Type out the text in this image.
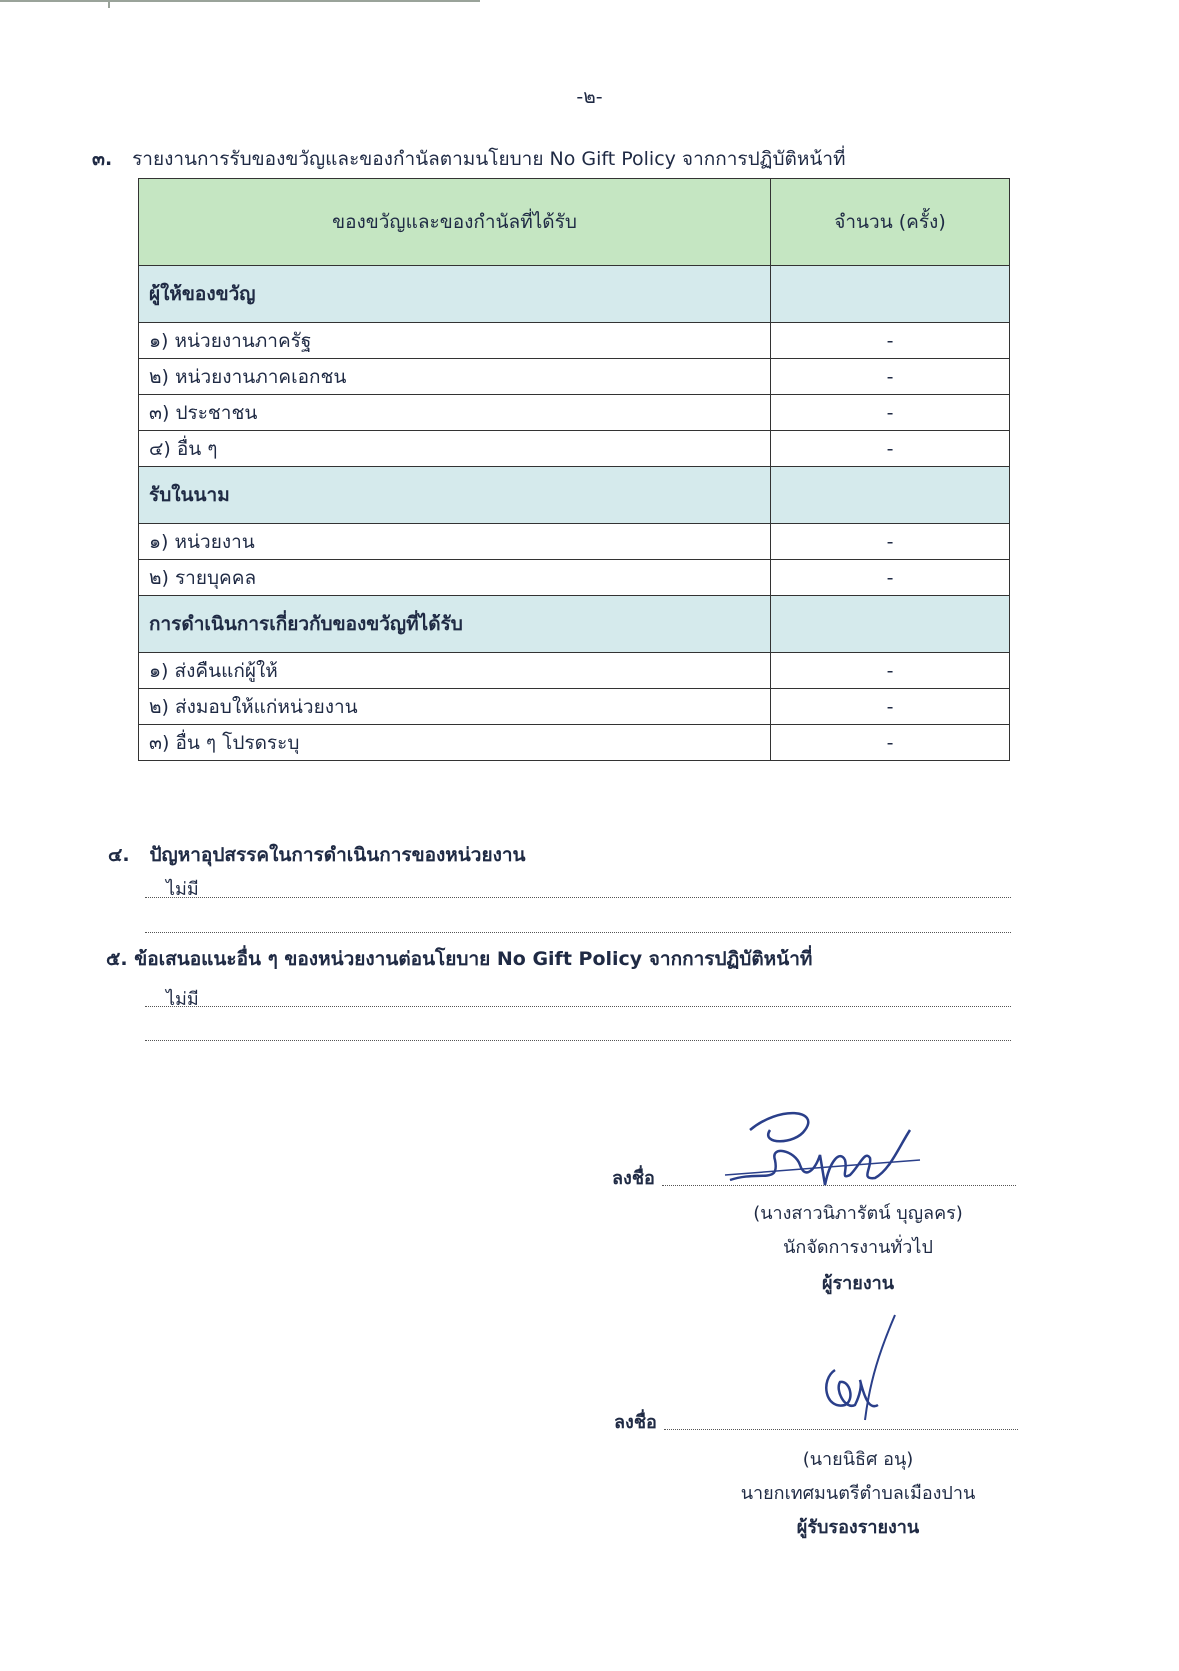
-๒-
๓. รายงานการรับของขวัญและของกำนัลตามนโยบาย No Gift Policy จากการปฏิบัติหน้าที่
ของขวัญและของกำนัลที่ได้รับ	จำนวน (ครั้ง)
ผู้ให้ของขวัญ	
๑) หน่วยงานภาครัฐ	-
๒) หน่วยงานภาคเอกชน	-
๓) ประชาชน	-
๔) อื่น ๆ	-
รับในนาม	
๑) หน่วยงาน	-
๒) รายบุคคล	-
การดำเนินการเกี่ยวกับของขวัญที่ได้รับ	
๑) ส่งคืนแก่ผู้ให้	-
๒) ส่งมอบให้แก่หน่วยงาน	-
๓) อื่น ๆ โปรดระบุ	-
๔. ปัญหาอุปสรรคในการดำเนินการของหน่วยงาน
ไม่มี
๕. ข้อเสนอแนะอื่น ๆ ของหน่วยงานต่อนโยบาย No Gift Policy จากการปฏิบัติหน้าที่
ไม่มี
ลงชื่อ
(นางสาวนิภารัตน์ บุญลคร)
นักจัดการงานทั่วไป
ผู้รายงาน
ลงชื่อ
(นายนิธิศ อนุ)
นายกเทศมนตรีตำบลเมืองปาน
ผู้รับรองรายงาน
